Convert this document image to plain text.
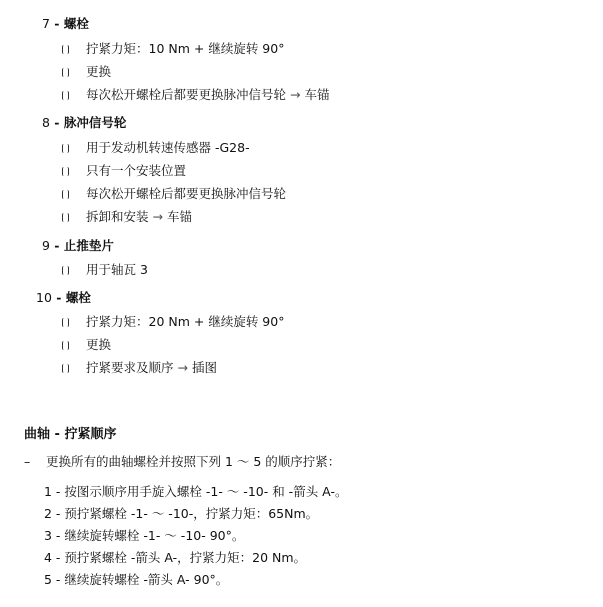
7 - 螺栓
拧紧力矩：10 Nm + 继续旋转 90°
更换
每次松开螺栓后都要更换脉冲信号轮 → 车锚
8 - 脉冲信号轮
用于发动机转速传感器 -G28-
只有一个安装位置
每次松开螺栓后都要更换脉冲信号轮
拆卸和安装 → 车锚
9 - 止推垫片
用于轴瓦 3
10 - 螺栓
拧紧力矩：20 Nm + 继续旋转 90°
更换
拧紧要求及顺序 → 插图
曲轴 - 拧紧顺序
– 更换所有的曲轴螺栓并按照下列 1 ～ 5 的顺序拧紧：
1 - 按图示顺序用手旋入螺栓 -1- ～ -10- 和 -箭头 A-。
2 - 预拧紧螺栓 -1- ～ -10-，拧紧力矩：65Nm。
3 - 继续旋转螺栓 -1- ～ -10- 90°。
4 - 预拧紧螺栓 -箭头 A-，拧紧力矩：20 Nm。
5 - 继续旋转螺栓 -箭头 A- 90°。
